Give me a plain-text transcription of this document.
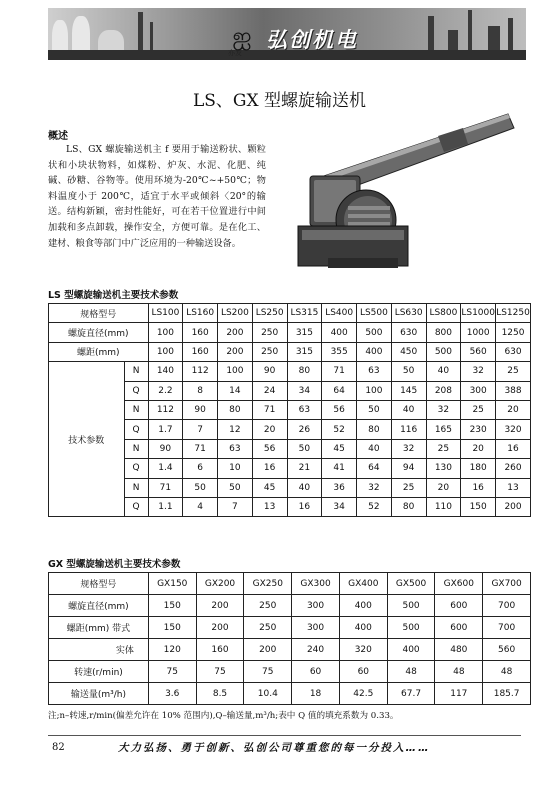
ஐ
亦发
弘创机电
LS、GX 型螺旋输送机
概述
LS、GX 螺旋输送机主 f 要用于输送粉状、颗粒状和小块状物料，如煤粉、炉灰、水泥、化肥、纯碱、砂糖、谷物等。使用环境为-20℃~+50℃；物料温度小于 200℃，适宜于水平或倾斜〈20°的输送。结构新颖，密封性能好，可在若干位置进行中间加载和多点卸载，操作安全，方便可靠。是在化工、建材、粮食等部门中广泛应用的一种输送设备。
LS 型螺旋输送机主要技术参数
规格型号		LS100	LS160	LS200	LS250	LS315	LS400	LS500	LS630	LS800	LS1000	LS1250
螺旋直径(mm)		100	160	200	250	315	400	500	630	800	1000	1250
螺距(mm)		100	160	200	250	315	355	400	450	500	560	630
技术参数	N	140	112	100	90	80	71	63	50	40	32	25
	Q	2.2	8	14	24	34	64	100	145	208	300	388
	N	112	90	80	71	63	56	50	40	32	25	20
	Q	1.7	7	12	20	26	52	80	116	165	230	320
	N	90	71	63	56	50	45	40	32	25	20	16
	Q	1.4	6	10	16	21	41	64	94	130	180	260
	N	71	50	50	45	40	36	32	25	20	16	13
	Q	1.1	4	7	13	16	34	52	80	110	150	200
GX 型螺旋输送机主要技术参数
规格型号	GX150	GX200	GX250	GX300	GX400	GX500	GX600	GX700
螺旋直径(mm)	150	200	250	300	400	500	600	700
螺距(mm) 带式	150	200	250	300	400	500	600	700
实体	120	160	200	240	320	400	480	560
转速(r/min)	75	75	75	60	60	48	48	48
输送量(m³/h)	3.6	8.5	10.4	18	42.5	67.7	117	185.7
注;n–转速,r/min(偏差允许在 10% 范围内),Q–输送量,m³/h;表中 Q 值的填充系数为 0.33。
82	大力弘扬、勇于创新、弘创公司尊重您的每一分投入……
